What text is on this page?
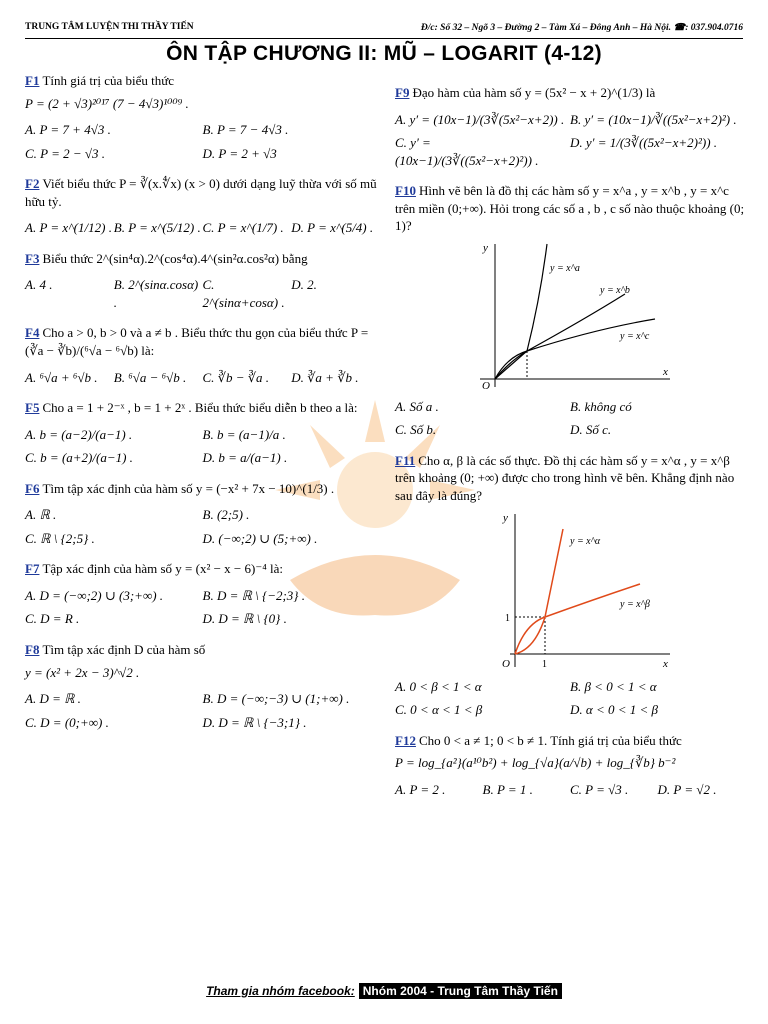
TRUNG TÂM LUYỆN THI THẦY TIẾN	Đ/c: Số 32 – Ngõ 3 – Đường 2 – Tàm Xá – Đông Anh – Hà Nội. ☎: 037.904.0716
ÔN TẬP CHƯƠNG II: MŨ – LOGARIT (4-12)
F1 Tính giá trị của biểu thức
P = (2 + √3)²⁰¹⁷ (7 − 4√3)¹⁰⁰⁹ .
A. P = 7 + 4√3 .	B. P = 7 − 4√3 .
C. P = 2 − √3 .	D. P = 2 + √3
F2 Viết biểu thức P = ∛(x.∜x) (x > 0) dưới dạng luỹ thừa với số mũ hữu tỷ.
A. P = x^(1/12) . B. P = x^(5/12) . C. P = x^(1/7) . D. P = x^(5/4) .
F3 Biểu thức 2^(sin⁴α).2^(cos⁴α).4^(sin²α.cos²α) bằng
A. 4 .	B. 2^(sinα.cosα) .
C. 2^(sinα+cosα) .
D. 2.
F4 Cho a > 0, b > 0 và a ≠ b . Biểu thức thu gọn của biểu thức P = (∛a − ∛b)/(⁶√a − ⁶√b) là:
A. ⁶√a + ⁶√b .	B. ⁶√a − ⁶√b .	C. ∛b − ∛a .	D. ∛a + ∛b .
F5 Cho a = 1 + 2⁻ˣ , b = 1 + 2ˣ . Biểu thức biểu diễn b theo a là:
A. b = (a−2)/(a−1) .	B. b = (a−1)/a .
C. b = (a+2)/(a−1) .	D. b = a/(a−1) .
F6 Tìm tập xác định của hàm số y = (−x² + 7x − 10)^(1/3) .
A. ℝ .	B. (2;5) .
C. ℝ \ {2;5} .	D. (−∞;2) ∪ (5;+∞) .
F7 Tập xác định của hàm số y = (x² − x − 6)⁻⁴ là:
A. D = (−∞;2) ∪ (3;+∞) .	B. D = ℝ \ {−2;3} .
C. D = R .	D. D = ℝ \ {0} .
F8 Tìm tập xác định D của hàm số
y = (x² + 2x − 3)^√2 .
A. D = ℝ .	B. D = (−∞;−3) ∪ (1;+∞) .
C. D = (0;+∞) .	D. D = ℝ \ {−3;1} .
F9 Đạo hàm của hàm số y = (5x² − x + 2)^(1/3) là
A. y′ = (10x−1)/(3∛(5x²−x+2)) . B. y′ = (10x−1)/∛((5x²−x+2)²) .
C. y′ = (10x−1)/(3∛((5x²−x+2)²)) .
D. y′ = 1/(3∛((5x²−x+2)²)) .
F10 Hình vẽ bên là đồ thị các hàm số y = x^a , y = x^b , y = x^c trên miền (0;+∞). Hỏi trong các số a , b , c số nào thuộc khoảng (0; 1)?
x
y
O
y = x^a
y = x^b
y = x^c
A. Số a .	B. không có
C. Số b.	D. Số c.
F11 Cho α, β là các số thực. Đồ thị các hàm số y = x^α , y = x^β trên khoảng (0; +∞) được cho trong hình vẽ bên. Khẳng định nào sau đây là đúng?
x
y
O
1
1
y = x^α
y = x^β
A. 0 < β < 1 < α	B. β < 0 < 1 < α
C. 0 < α < 1 < β	D. α < 0 < 1 < β
F12 Cho 0 < a ≠ 1; 0 < b ≠ 1. Tính giá trị của biểu thức
P = log_{a²}(a¹⁰b²) + log_{√a}(a/√b) + log_{∛b} b⁻²
A. P = 2 .	B. P = 1 .	C. P = √3 .	D. P = √2 .
Tham gia nhóm facebook: Nhóm 2004 - Trung Tâm Thầy Tiến
